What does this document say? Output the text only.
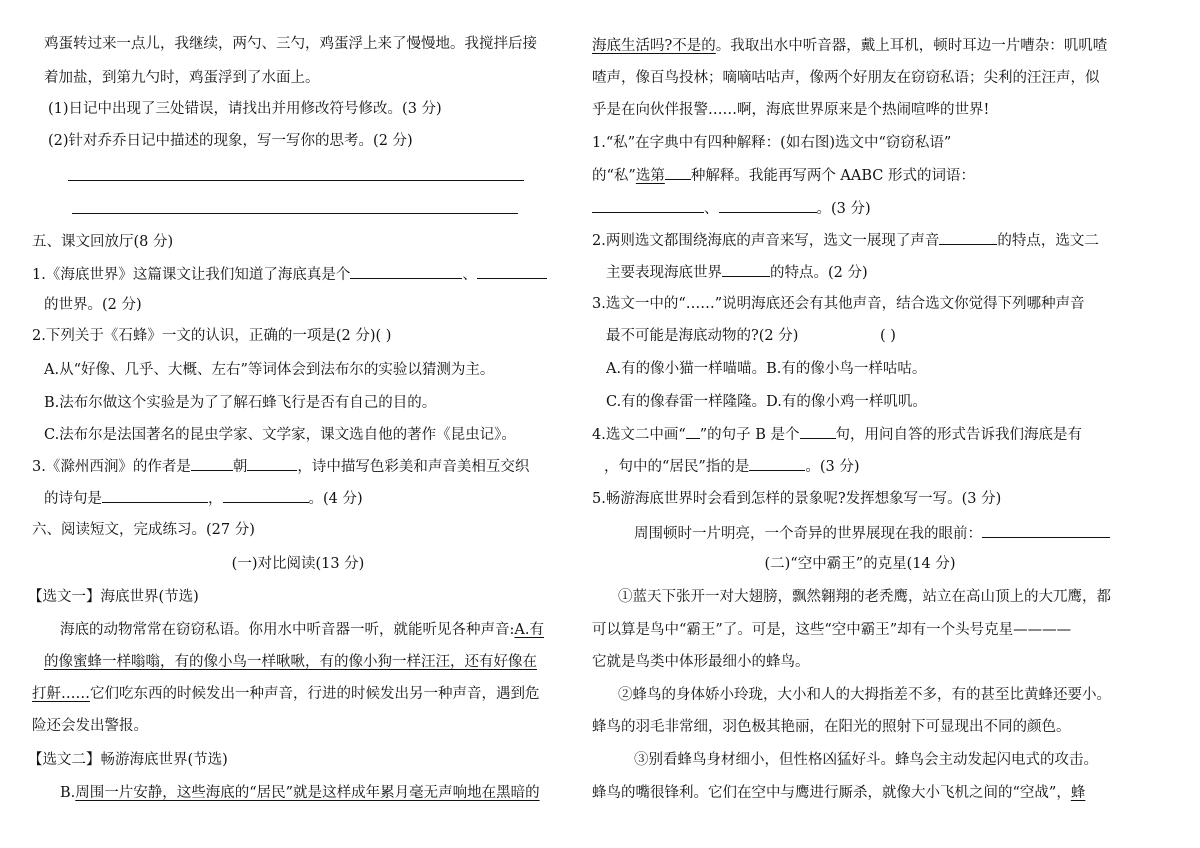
鸡蛋转过来一点儿，我继续，两勺、三勺，鸡蛋浮上来了慢慢地。我搅拌后接
着加盐，到第九勺时，鸡蛋浮到了水面上。
(1)日记中出现了三处错误，请找出并用修改符号修改。(3 分)
(2)针对乔乔日记中描述的现象，写一写你的思考。(2 分)
五、课文回放厅(8 分)
1.《海底世界》这篇课文让我们知道了海底真是个	、
的世界。(2 分)
2.下列关于《石蜂》一文的认识，正确的一项是(2 分)( )
A.从“好像、几乎、大概、左右”等词体会到法布尔的实验以猜测为主。
B.法布尔做这个实验是为了了解石蜂飞行是否有自己的目的。
C.法布尔是法国著名的昆虫学家、文学家，课文选自他的著作《昆虫记》。
3.《滁州西涧》的作者是	朝	，诗中描写色彩美和声音美相互交织
的诗句是	，	。(4 分)
六、阅读短文，完成练习。(27 分)
(一)对比阅读(13 分)
【选文一】海底世界(节选)
海底的动物常常在窃窃私语。你用水中听音器一听，就能听见各种声音:A.有
的像蜜蜂一样嗡嗡，有的像小鸟一样啾啾，有的像小狗一样汪汪，还有好像在
打鼾……它们吃东西的时候发出一种声音，行进的时候发出另一种声音，遇到危
险还会发出警报。
【选文二】畅游海底世界(节选)
B.周围一片安静，这些海底的“居民”就是这样成年累月毫无声响地在黑暗的
海底生活吗?不是的。我取出水中听音器，戴上耳机，顿时耳边一片嘈杂：叽叽喳
喳声，像百鸟投林；嘀嘀咕咕声，像两个好朋友在窃窃私语；尖利的汪汪声，似
乎是在向伙伴报警……啊，海底世界原来是个热闹喧哗的世界!
1.“私”在字典中有四种解释：(如右图)选文中“窃窃私语”
的“私”选第 种解释。我能再写两个 AABC 形式的词语：
、	。(3 分)
2.两则选文都围绕海底的声音来写，选文一展现了声音	的特点，选文二
主要表现海底世界	的特点。(2 分)
3.选文一中的“……”说明海底还会有其他声音，结合选文你觉得下列哪种声音
最不可能是海底动物的?(2 分)	( )
A.有的像小猫一样喵喵。B.有的像小鸟一样咕咕。
C.有的像春雷一样隆隆。D.有的像小鸡一样叽叽。
4.选文二中画“ ”的句子 B 是个 句，用问自答的形式告诉我们海底是有
，句中的“居民”指的是	。(3 分)
5.畅游海底世界时会看到怎样的景象呢?发挥想象写一写。(3 分)
周围顿时一片明亮，一个奇异的世界展现在我的眼前：
(二)“空中霸王”的克星(14 分)
①蓝天下张开一对大翅膀，飘然翱翔的老秃鹰，站立在高山顶上的大兀鹰，都
可以算是鸟中“霸王”了。可是，这些“空中霸王”却有一个头号克星————
它就是鸟类中体形最细小的蜂鸟。
②蜂鸟的身体娇小玲珑，大小和人的大拇指差不多，有的甚至比黄蜂还要小。
蜂鸟的羽毛非常细，羽色极其艳丽，在阳光的照射下可显现出不同的颜色。
③别看蜂鸟身材细小，但性格凶猛好斗。蜂鸟会主动发起闪电式的攻击。
蜂鸟的嘴很锋利。它们在空中与鹰进行厮杀，就像大小飞机之间的“空战”，蜂
